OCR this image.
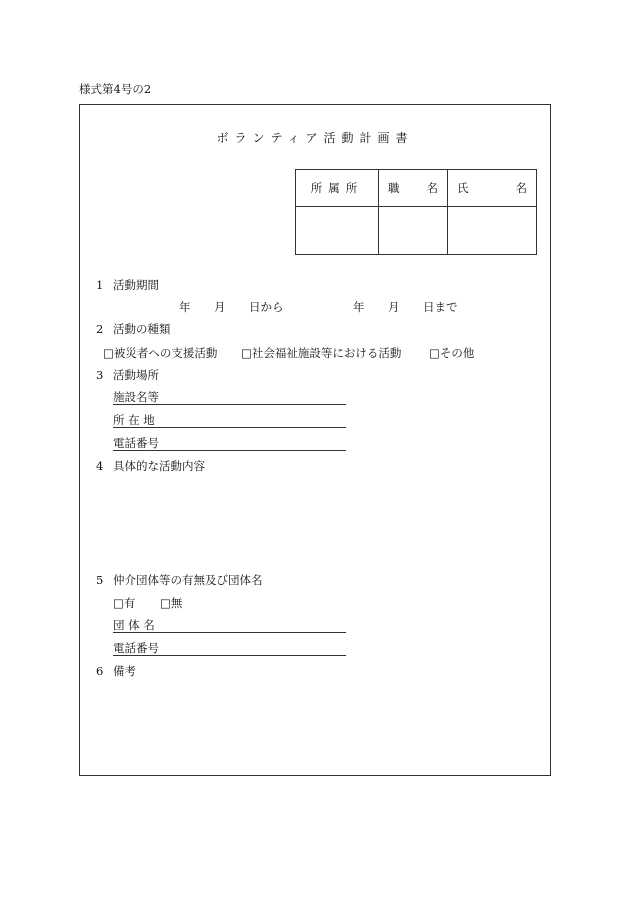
様式第4号の2
ボランティア活動計画書
所属所	職 名	氏 名

1 活動期間
年 月 日から	年 月 日まで
2 活動の種類
□被災者への支援活動 □社会福祉施設等における活動 □その他
3 活動場所
施設名等
所 在 地
電話番号
4 具体的な活動内容
5 仲介団体等の有無及び団体名
□有 □無
団 体 名
電話番号
6 備考
